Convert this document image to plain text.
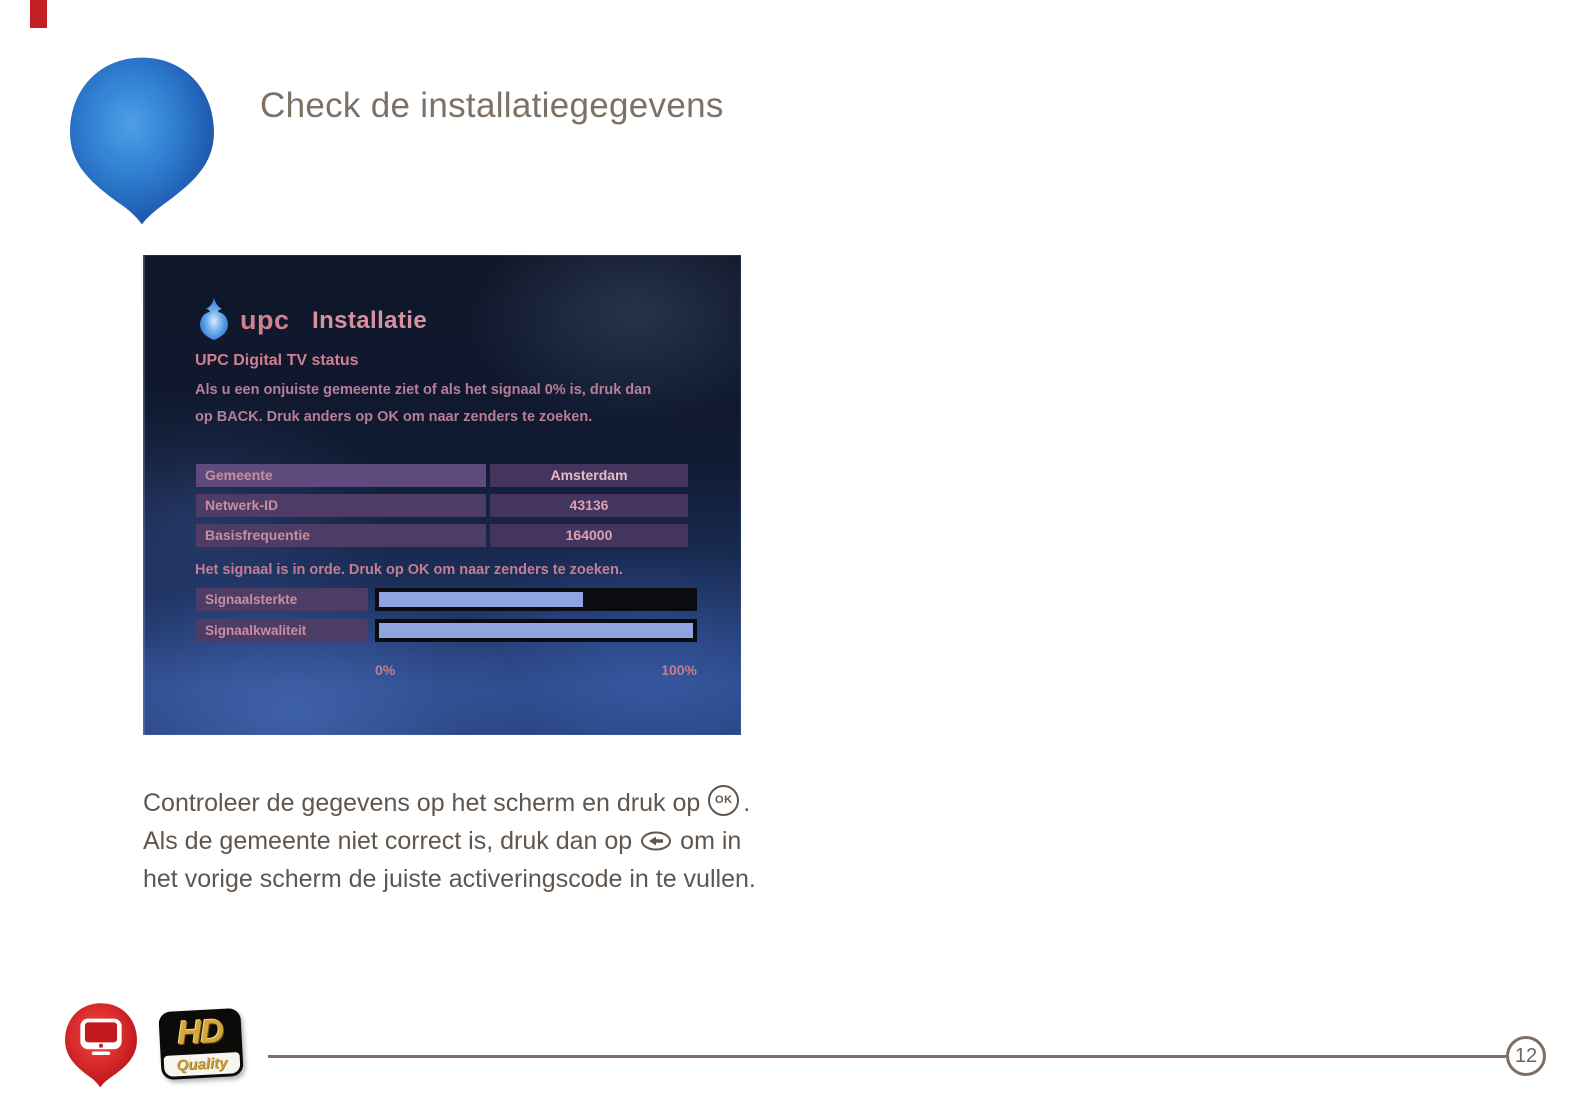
Check de installatiegegevens
upc Installatie
UPC Digital TV status
Als u een onjuiste gemeente ziet of als het signaal 0% is, druk dan
op BACK. Druk anders op OK om naar zenders te zoeken.
Gemeente	Amsterdam
Netwerk-ID	43136
Basisfrequentie	164000
Het signaal is in orde. Druk op OK om naar zenders te zoeken.
Signaalsterkte
Signaalkwaliteit
0%	100%
Controleer de gegevens op het scherm en druk op OK .
Als de gemeente niet correct is, druk dan op om in
het vorige scherm de juiste activeringscode in te vullen.
HD
Quality	12
